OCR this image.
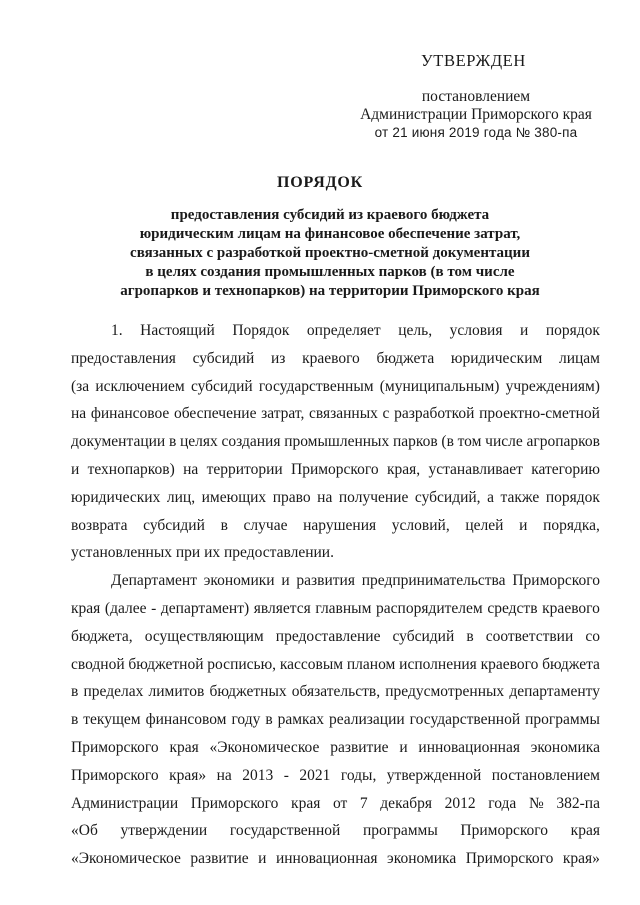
УТВЕРЖДЕН
постановлением
Администрации Приморского края
от 21 июня 2019 года № 380-па
ПОРЯДОК
предоставления субсидий из краевого бюджета
юридическим лицам на финансовое обеспечение затрат,
связанных с разработкой проектно-сметной документации
в целях создания промышленных парков (в том числе
агропарков и технопарков) на территории Приморского края
1. Настоящий Порядок определяет цель, условия и порядок
предоставления субсидий из краевого бюджета юридическим лицам
(за исключением субсидий государственным (муниципальным) учреждениям)
на финансовое обеспечение затрат, связанных с разработкой проектно-сметной
документации в целях создания промышленных парков (в том числе агропарков
и технопарков) на территории Приморского края, устанавливает категорию
юридических лиц, имеющих право на получение субсидий, а также порядок
возврата субсидий в случае нарушения условий, целей и порядка,
установленных при их предоставлении.
Департамент экономики и развития предпринимательства Приморского
края (далее - департамент) является главным распорядителем средств краевого
бюджета, осуществляющим предоставление субсидий в соответствии со
сводной бюджетной росписью, кассовым планом исполнения краевого бюджета
в пределах лимитов бюджетных обязательств, предусмотренных департаменту
в текущем финансовом году в рамках реализации государственной программы
Приморского края «Экономическое развитие и инновационная экономика
Приморского края» на 2013 - 2021 годы, утвержденной постановлением
Администрации Приморского края от 7 декабря 2012 года № 382-па
«Об утверждении государственной программы Приморского края
«Экономическое развитие и инновационная экономика Приморского края»
